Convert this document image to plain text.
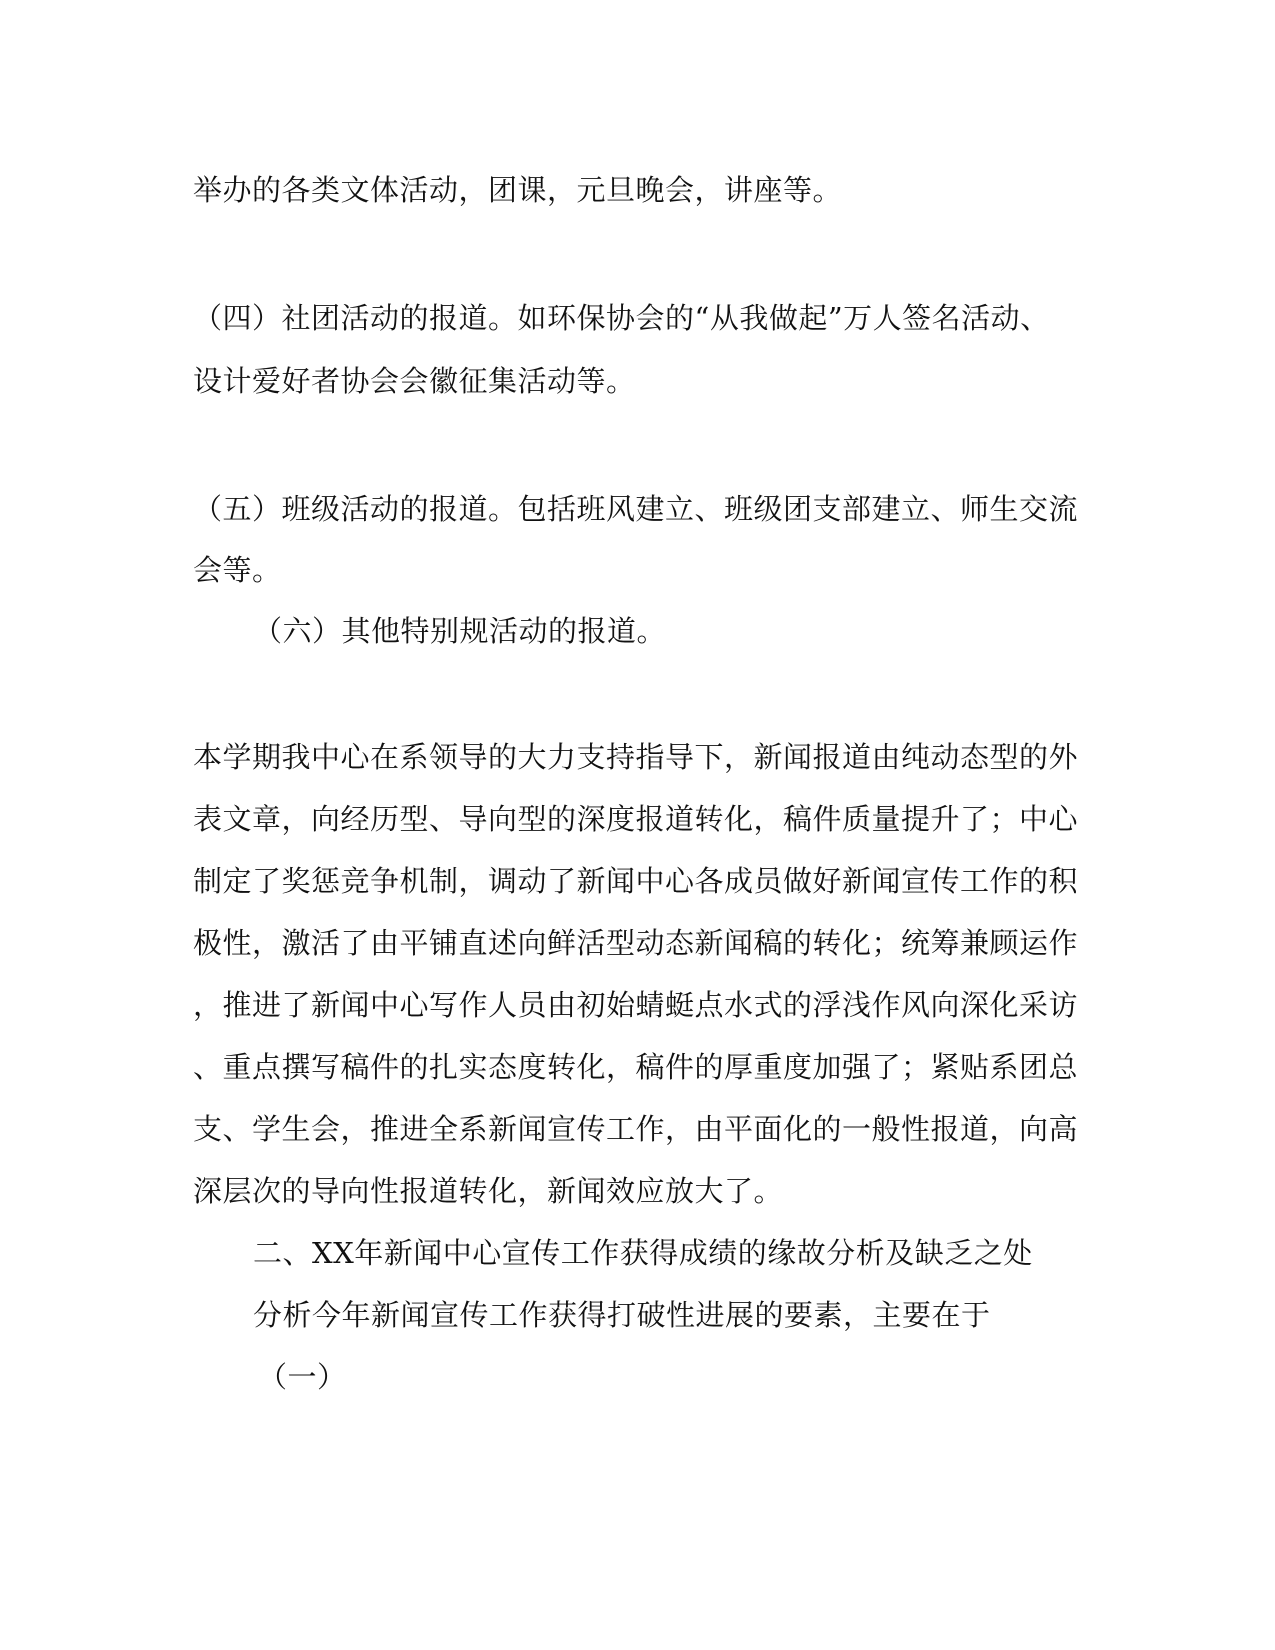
举办的各类文体活动，团课，元旦晚会，讲座等。
（四）社团活动的报道。如环保协会的“从我做起”万人签名活动、
设计爱好者协会会徽征集活动等。
（五）班级活动的报道。包括班风建立、班级团支部建立、师生交流
会等。
（六）其他特别规活动的报道。
本学期我中心在系领导的大力支持指导下，新闻报道由纯动态型的外
表文章，向经历型、导向型的深度报道转化，稿件质量提升了；中心
制定了奖惩竞争机制，调动了新闻中心各成员做好新闻宣传工作的积
极性，激活了由平铺直述向鲜活型动态新闻稿的转化；统筹兼顾运作
，推进了新闻中心写作人员由初始蜻蜓点水式的浮浅作风向深化采访
、重点撰写稿件的扎实态度转化，稿件的厚重度加强了；紧贴系团总
支、学生会，推进全系新闻宣传工作，由平面化的一般性报道，向高
深层次的导向性报道转化，新闻效应放大了。
二、XX年新闻中心宣传工作获得成绩的缘故分析及缺乏之处
分析今年新闻宣传工作获得打破性进展的要素，主要在于
（一）
